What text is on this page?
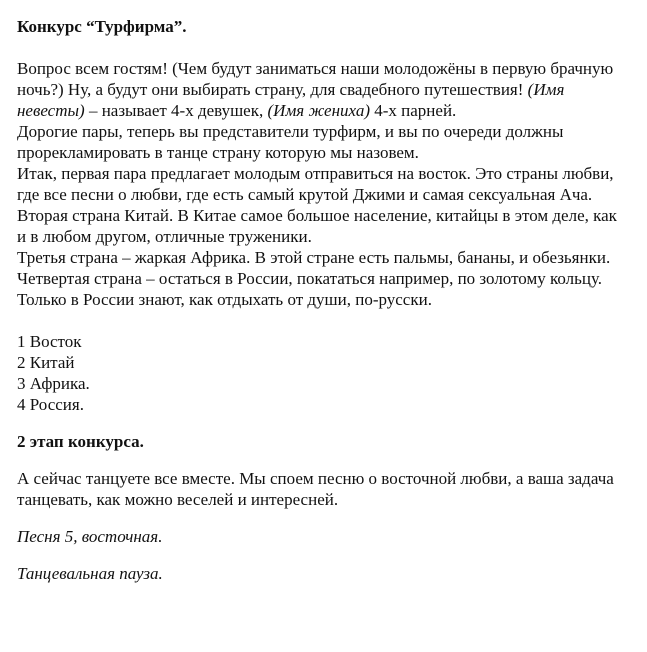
Конкурс “Турфирма”.

Вопрос всем гостям! (Чем будут заниматься наши молодожёны в первую брачную ночь?) Ну, а будут они выбирать страну, для свадебного путешествия! (Имя невесты) – называет 4-х девушек, (Имя жениха) 4-х парней.

Дорогие пары, теперь вы представители турфирм, и вы по очереди должны прорекламировать в танце страну которую мы назовем.

Итак, первая пара предлагает молодым отправиться на восток. Это страны любви, где все песни о любви, где есть самый крутой Джими и самая сексуальная Ача.

Вторая страна Китай. В Китае самое большое население, китайцы в этом деле, как и в любом другом, отличные труженики.

Третья страна – жаркая Африка. В этой стране есть пальмы, бананы, и обезьянки.

Четвертая страна – остаться в России, покататься например, по золотому кольцу. Только в России знают, как отдыхать от души, по-русски.

1 Восток

2 Китай

3 Африка.

4 Россия.

2 этап конкурса.

А сейчас танцуете все вместе. Мы споем песню о восточной любви, а ваша задача танцевать, как можно веселей и интересней.

Песня 5, восточная.

Танцевальная пауза.
